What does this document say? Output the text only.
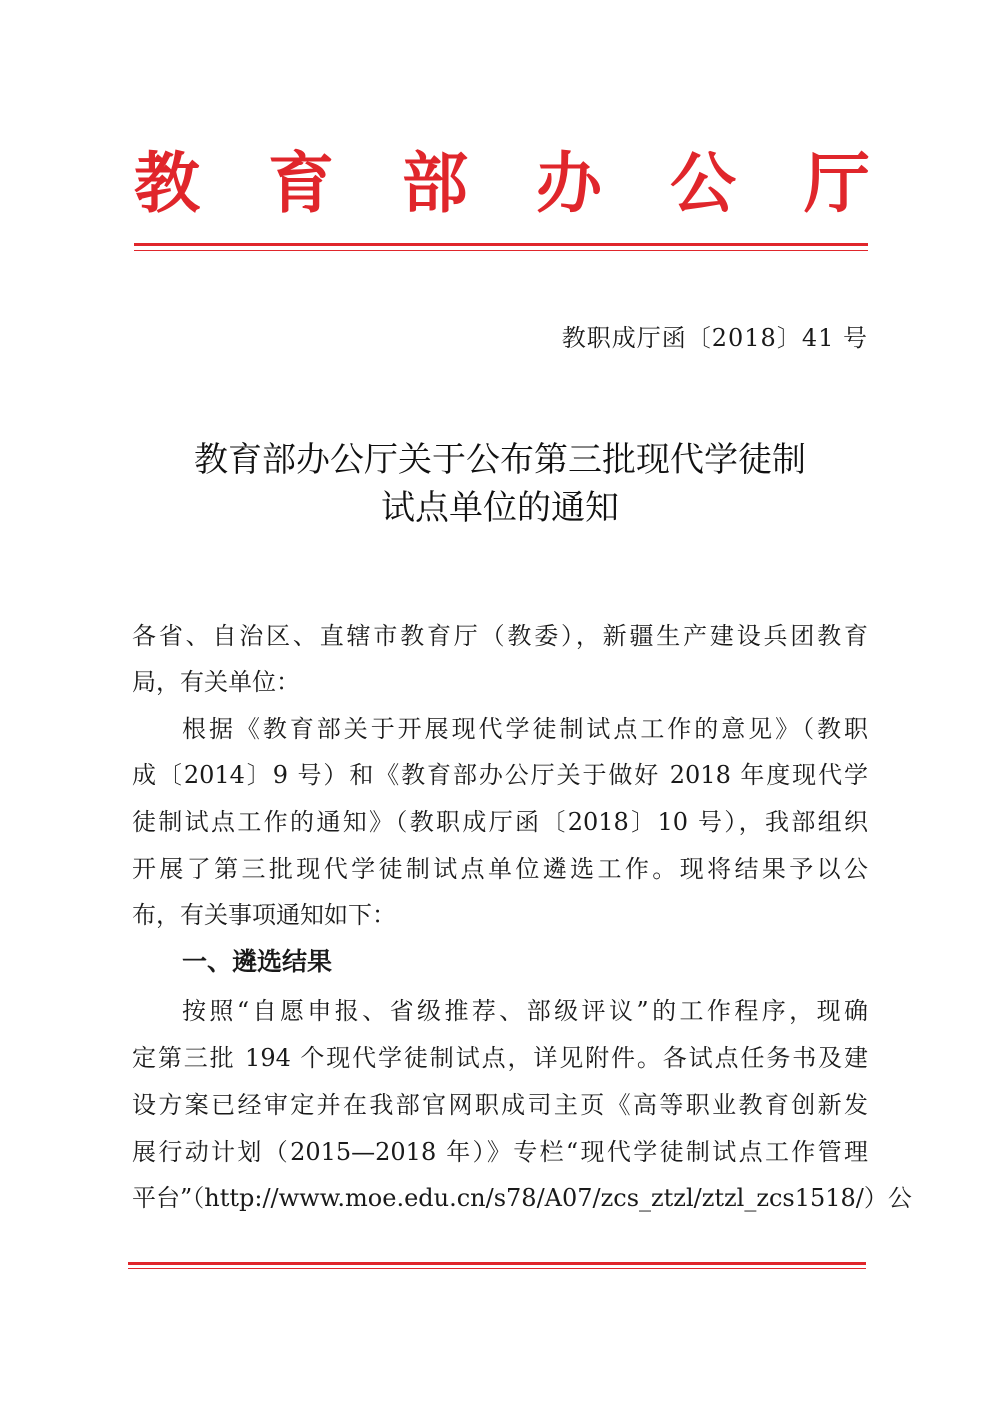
教 育 部 办 公 厅
教职成厅函〔2018〕41 号
教育部办公厅关于公布第三批现代学徒制
试点单位的通知
各省、自治区、直辖市教育厅（教委），新疆生产建设兵团教育
局，有关单位：
根据《教育部关于开展现代学徒制试点工作的意见》（教职
成〔2014〕9 号）和《教育部办公厅关于做好 2018 年度现代学
徒制试点工作的通知》（教职成厅函〔2018〕10 号），我部组织
开展了第三批现代学徒制试点单位遴选工作。现将结果予以公
布，有关事项通知如下：
一、遴选结果
按照“自愿申报、省级推荐、部级评议”的工作程序，现确
定第三批 194 个现代学徒制试点，详见附件。各试点任务书及建
设方案已经审定并在我部官网职成司主页《高等职业教育创新发
展行动计划（2015—2018 年）》专栏“现代学徒制试点工作管理
平台”（http://www.moe.edu.cn/s78/A07/zcs_ztzl/ztzl_zcs1518/）公
